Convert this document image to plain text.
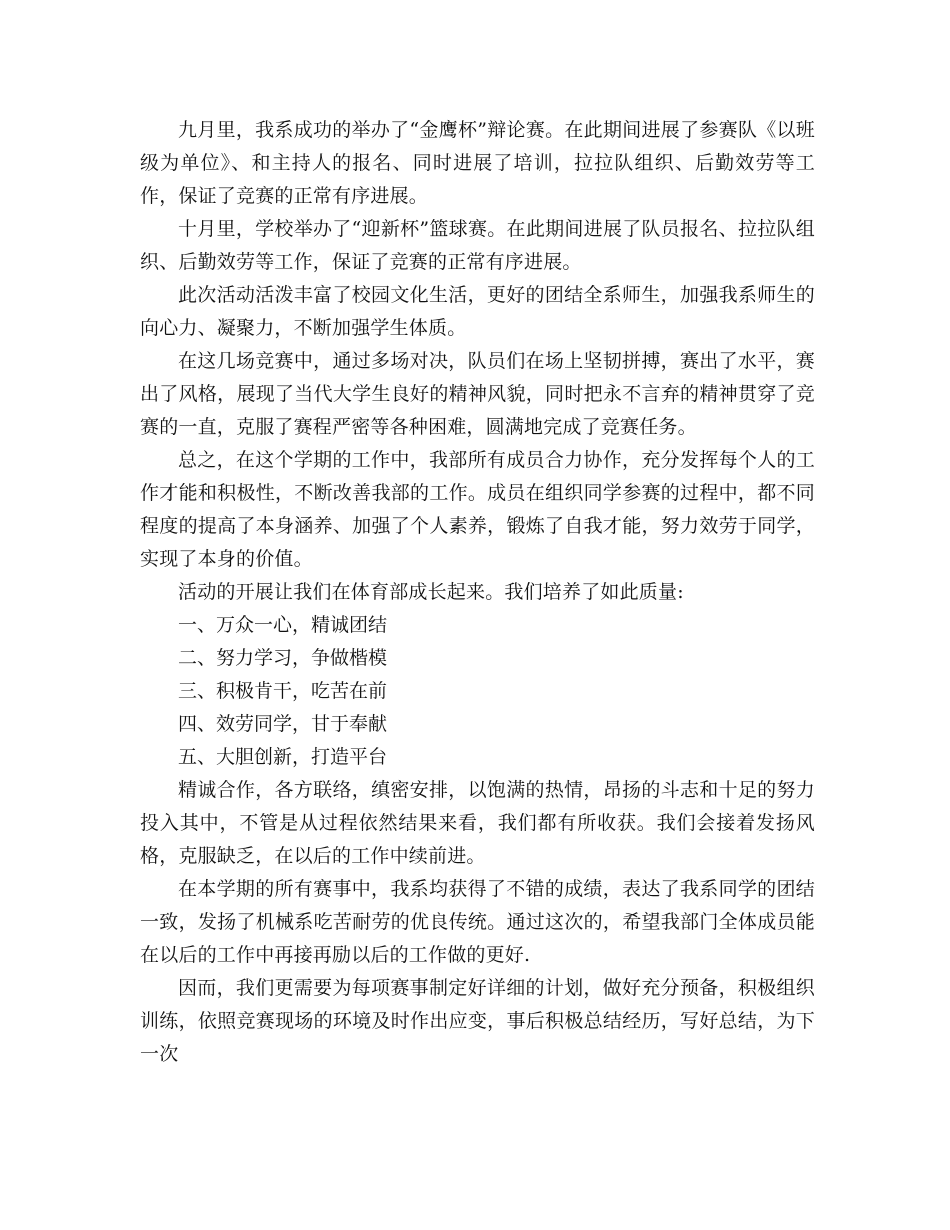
九月里，我系成功的举办了“金鹰杯”辩论赛。在此期间进展了参赛队《以班级为单位》、和主持人的报名、同时进展了培训，拉拉队组织、后勤效劳等工作，保证了竞赛的正常有序进展。

十月里，学校举办了“迎新杯”篮球赛。在此期间进展了队员报名、拉拉队组织、后勤效劳等工作，保证了竞赛的正常有序进展。

此次活动活泼丰富了校园文化生活，更好的团结全系师生，加强我系师生的向心力、凝聚力，不断加强学生体质。

在这几场竞赛中，通过多场对决，队员们在场上坚韧拼搏，赛出了水平，赛出了风格，展现了当代大学生良好的精神风貌，同时把永不言弃的精神贯穿了竞赛的一直，克服了赛程严密等各种困难，圆满地完成了竞赛任务。

总之，在这个学期的工作中，我部所有成员合力协作，充分发挥每个人的工作才能和积极性，不断改善我部的工作。成员在组织同学参赛的过程中，都不同程度的提高了本身涵养、加强了个人素养，锻炼了自我才能，努力效劳于同学，实现了本身的价值。

活动的开展让我们在体育部成长起来。我们培养了如此质量:

一、万众一心，精诚团结

二、努力学习，争做楷模

三、积极肯干，吃苦在前

四、效劳同学，甘于奉献

五、大胆创新，打造平台

精诚合作，各方联络，缜密安排，以饱满的热情，昂扬的斗志和十足的努力投入其中，不管是从过程依然结果来看，我们都有所收获。我们会接着发扬风格，克服缺乏，在以后的工作中续前进。

在本学期的所有赛事中，我系均获得了不错的成绩，表达了我系同学的团结一致，发扬了机械系吃苦耐劳的优良传统。通过这次的，希望我部门全体成员能在以后的工作中再接再励以后的工作做的更好.

因而，我们更需要为每项赛事制定好详细的计划，做好充分预备，积极组织训练，依照竞赛现场的环境及时作出应变，事后积极总结经历，写好总结，为下一次
